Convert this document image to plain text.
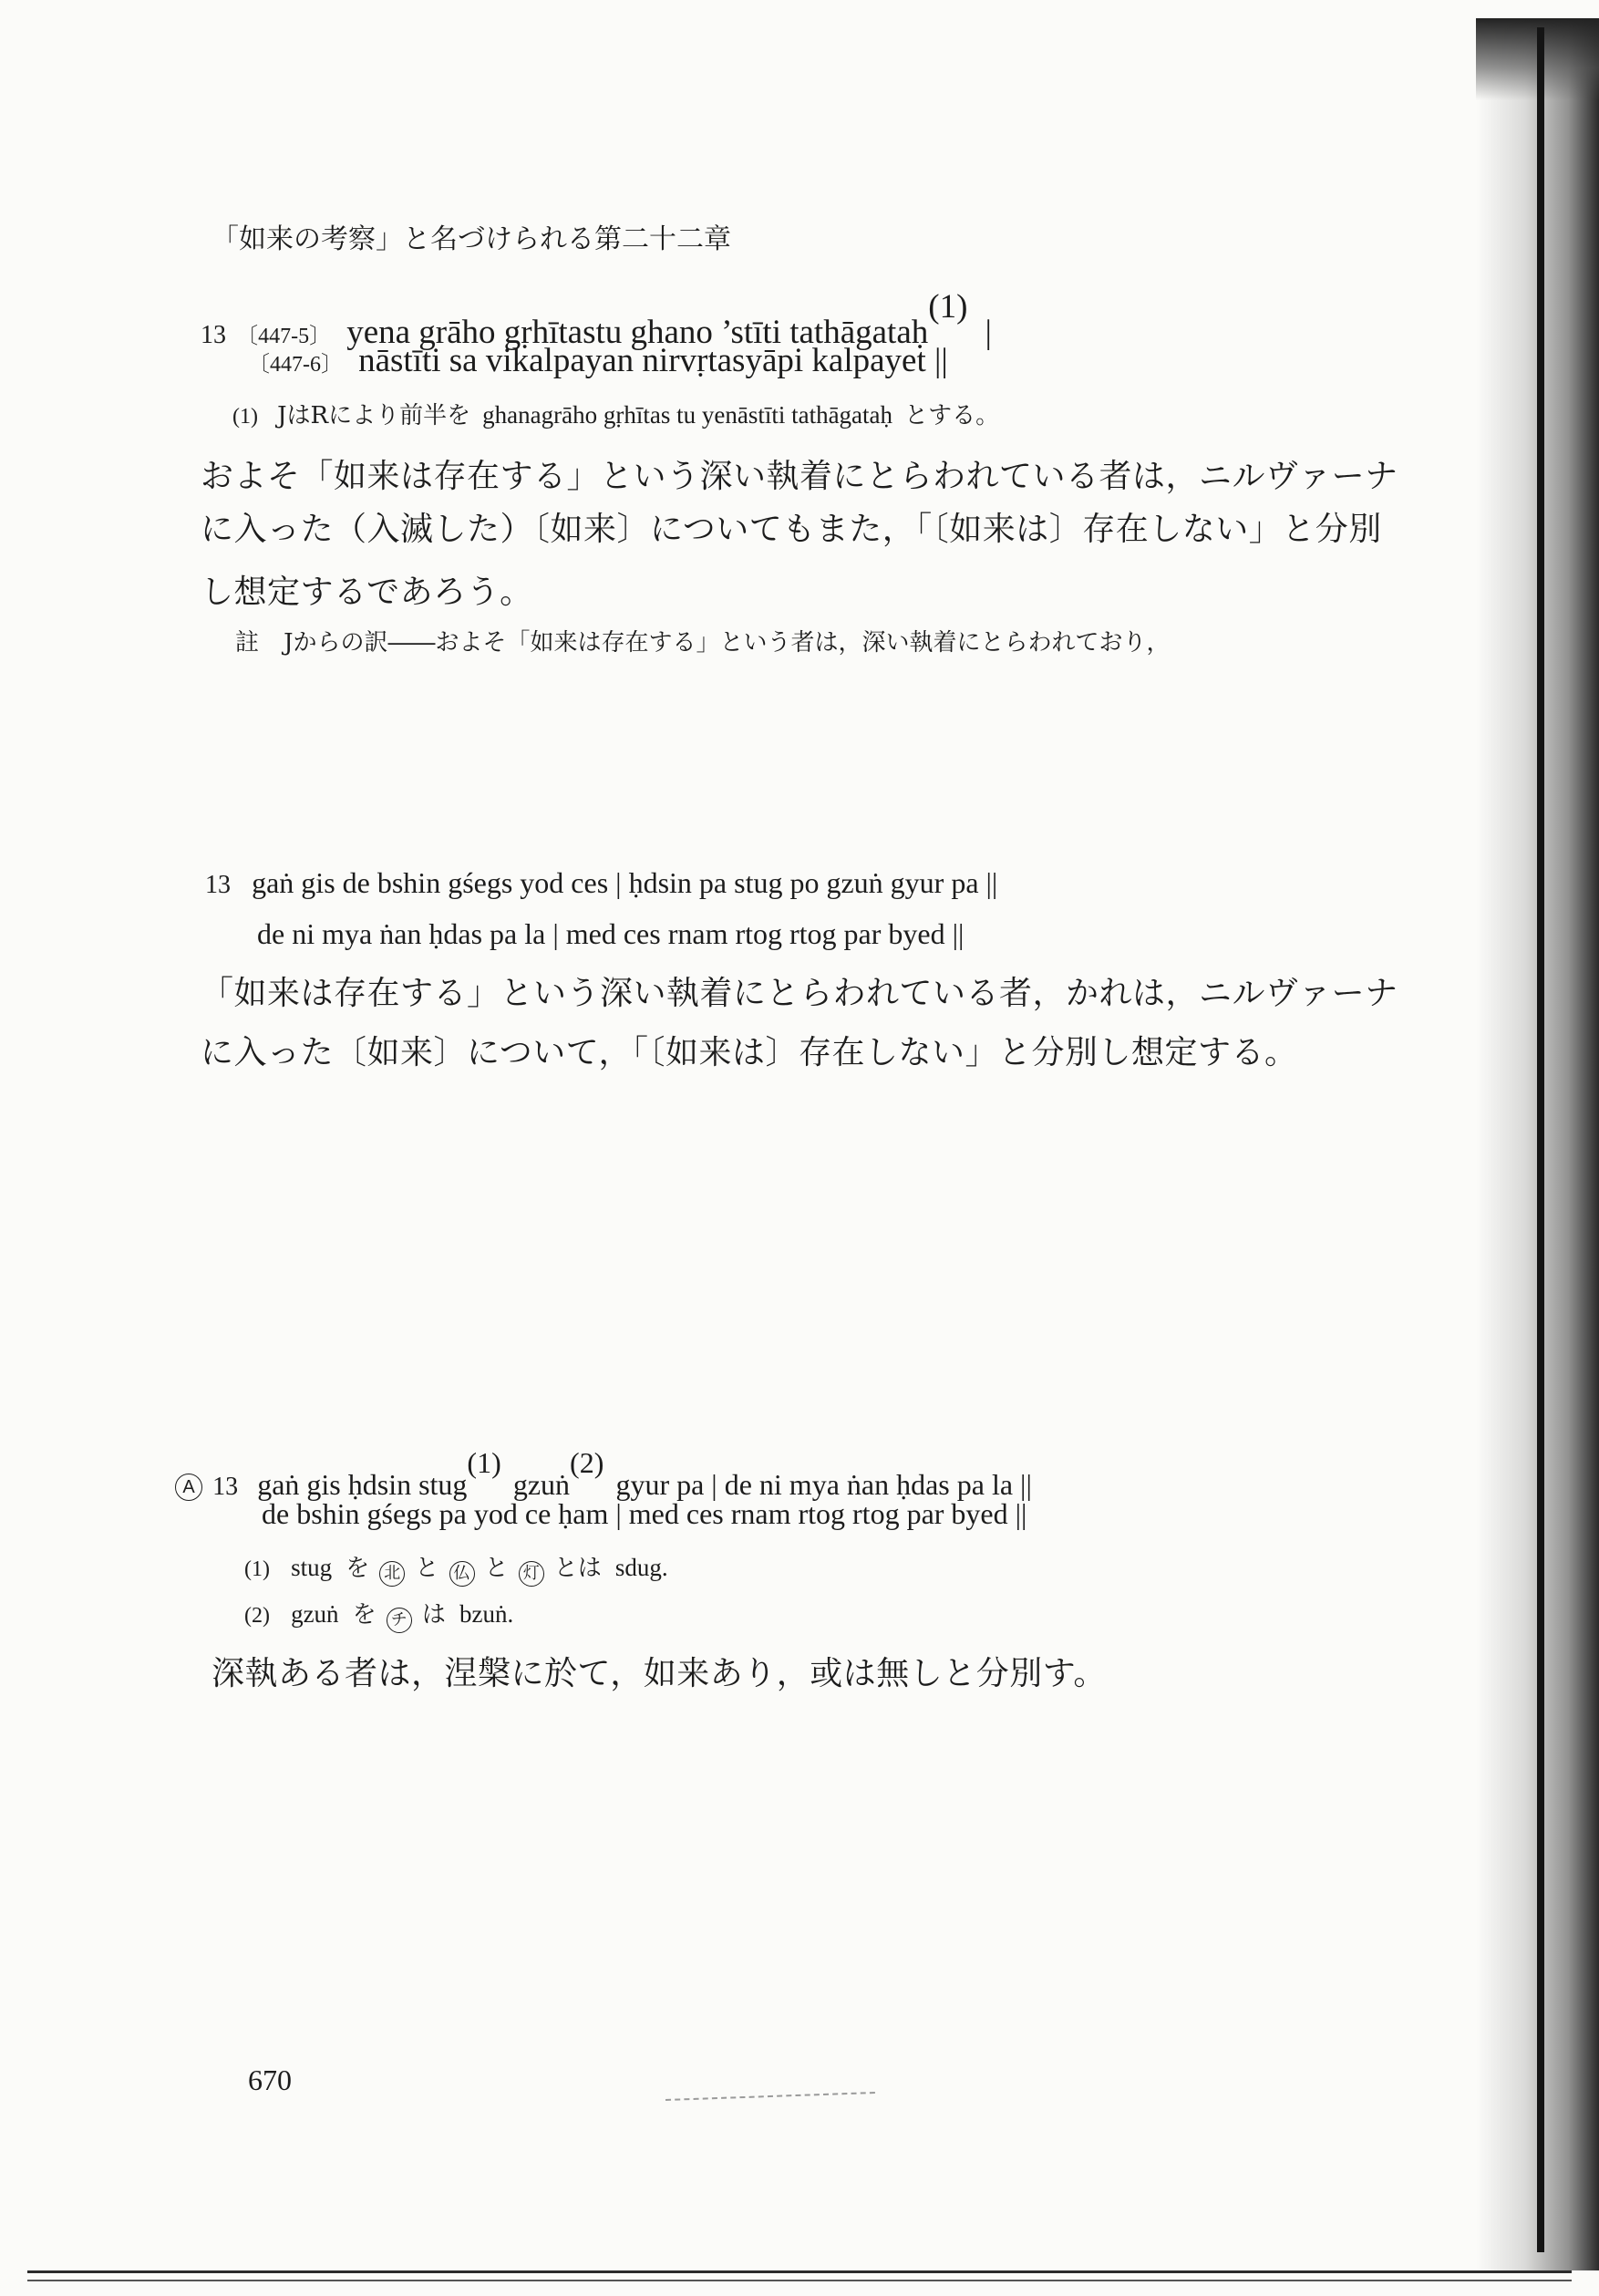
「如来の考察」と名づけられる第二十二章
13 〔447-5〕 yena grāho gṛhītastu ghano ’stīti tathāgataḥ$^{(1)}$ |
〔447-6〕 nāstīti sa vikalpayan nirvṛtasyāpi kalpayet ||
(1) JはRにより前半を ghanagrāho gṛhītas tu yenāstīti tathāgataḥ とする。
およそ「如来は存在する」という深い執着にとらわれている者は，ニルヴァーナ
に入った（入滅した）〔如来〕についてもまた，「〔如来は〕存在しない」と分別
し想定するであろう。
註 Jからの訳――およそ「如来は存在する」という者は，深い執着にとらわれており，
13 gaṅ gis de bshin gśegs yod ces | ḥdsin pa stug po gzuṅ gyur pa ||
de ni mya ṅan ḥdas pa la | med ces rnam rtog rtog par byed ||
「如来は存在する」という深い執着にとらわれている者，かれは，ニルヴァーナ
に入った〔如来〕について，「〔如来は〕存在しない」と分別し想定する。
A 13 gaṅ gis ḥdsin stug$^{(1)}$ gzuṅ$^{(2)}$ gyur pa | de ni mya ṅan ḥdas pa la ||
de bshin gśegs pa yod ce ḥam | med ces rnam rtog rtog par byed ||
(1) stug を 北 と 仏 と 灯 とは sdug.
(2) gzuṅ を チ は bzuṅ.
深執ある者は，涅槃に於て，如来あり，或は無しと分別す。
670
